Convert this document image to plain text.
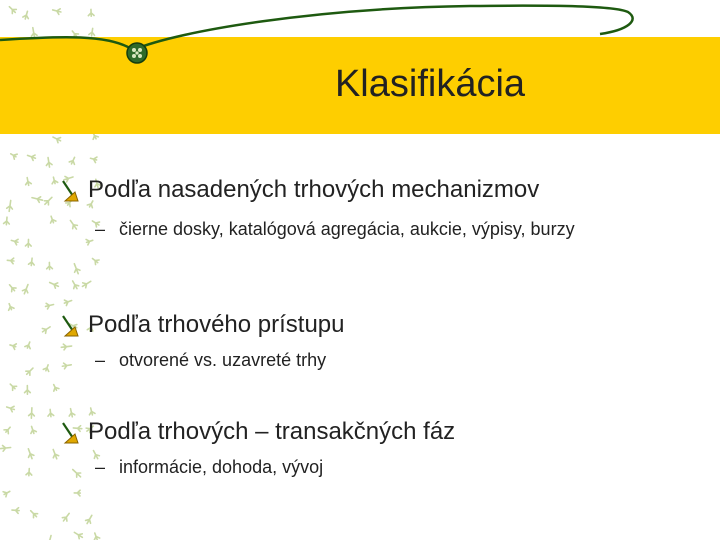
Klasifikácia
Podľa nasadených trhových mechanizmov
– čierne dosky, katalógová agregácia, aukcie, výpisy, burzy
Podľa trhového prístupu
– otvorené vs. uzavreté trhy
Podľa trhových – transakčných fáz
– informácie, dohoda, vývoj
